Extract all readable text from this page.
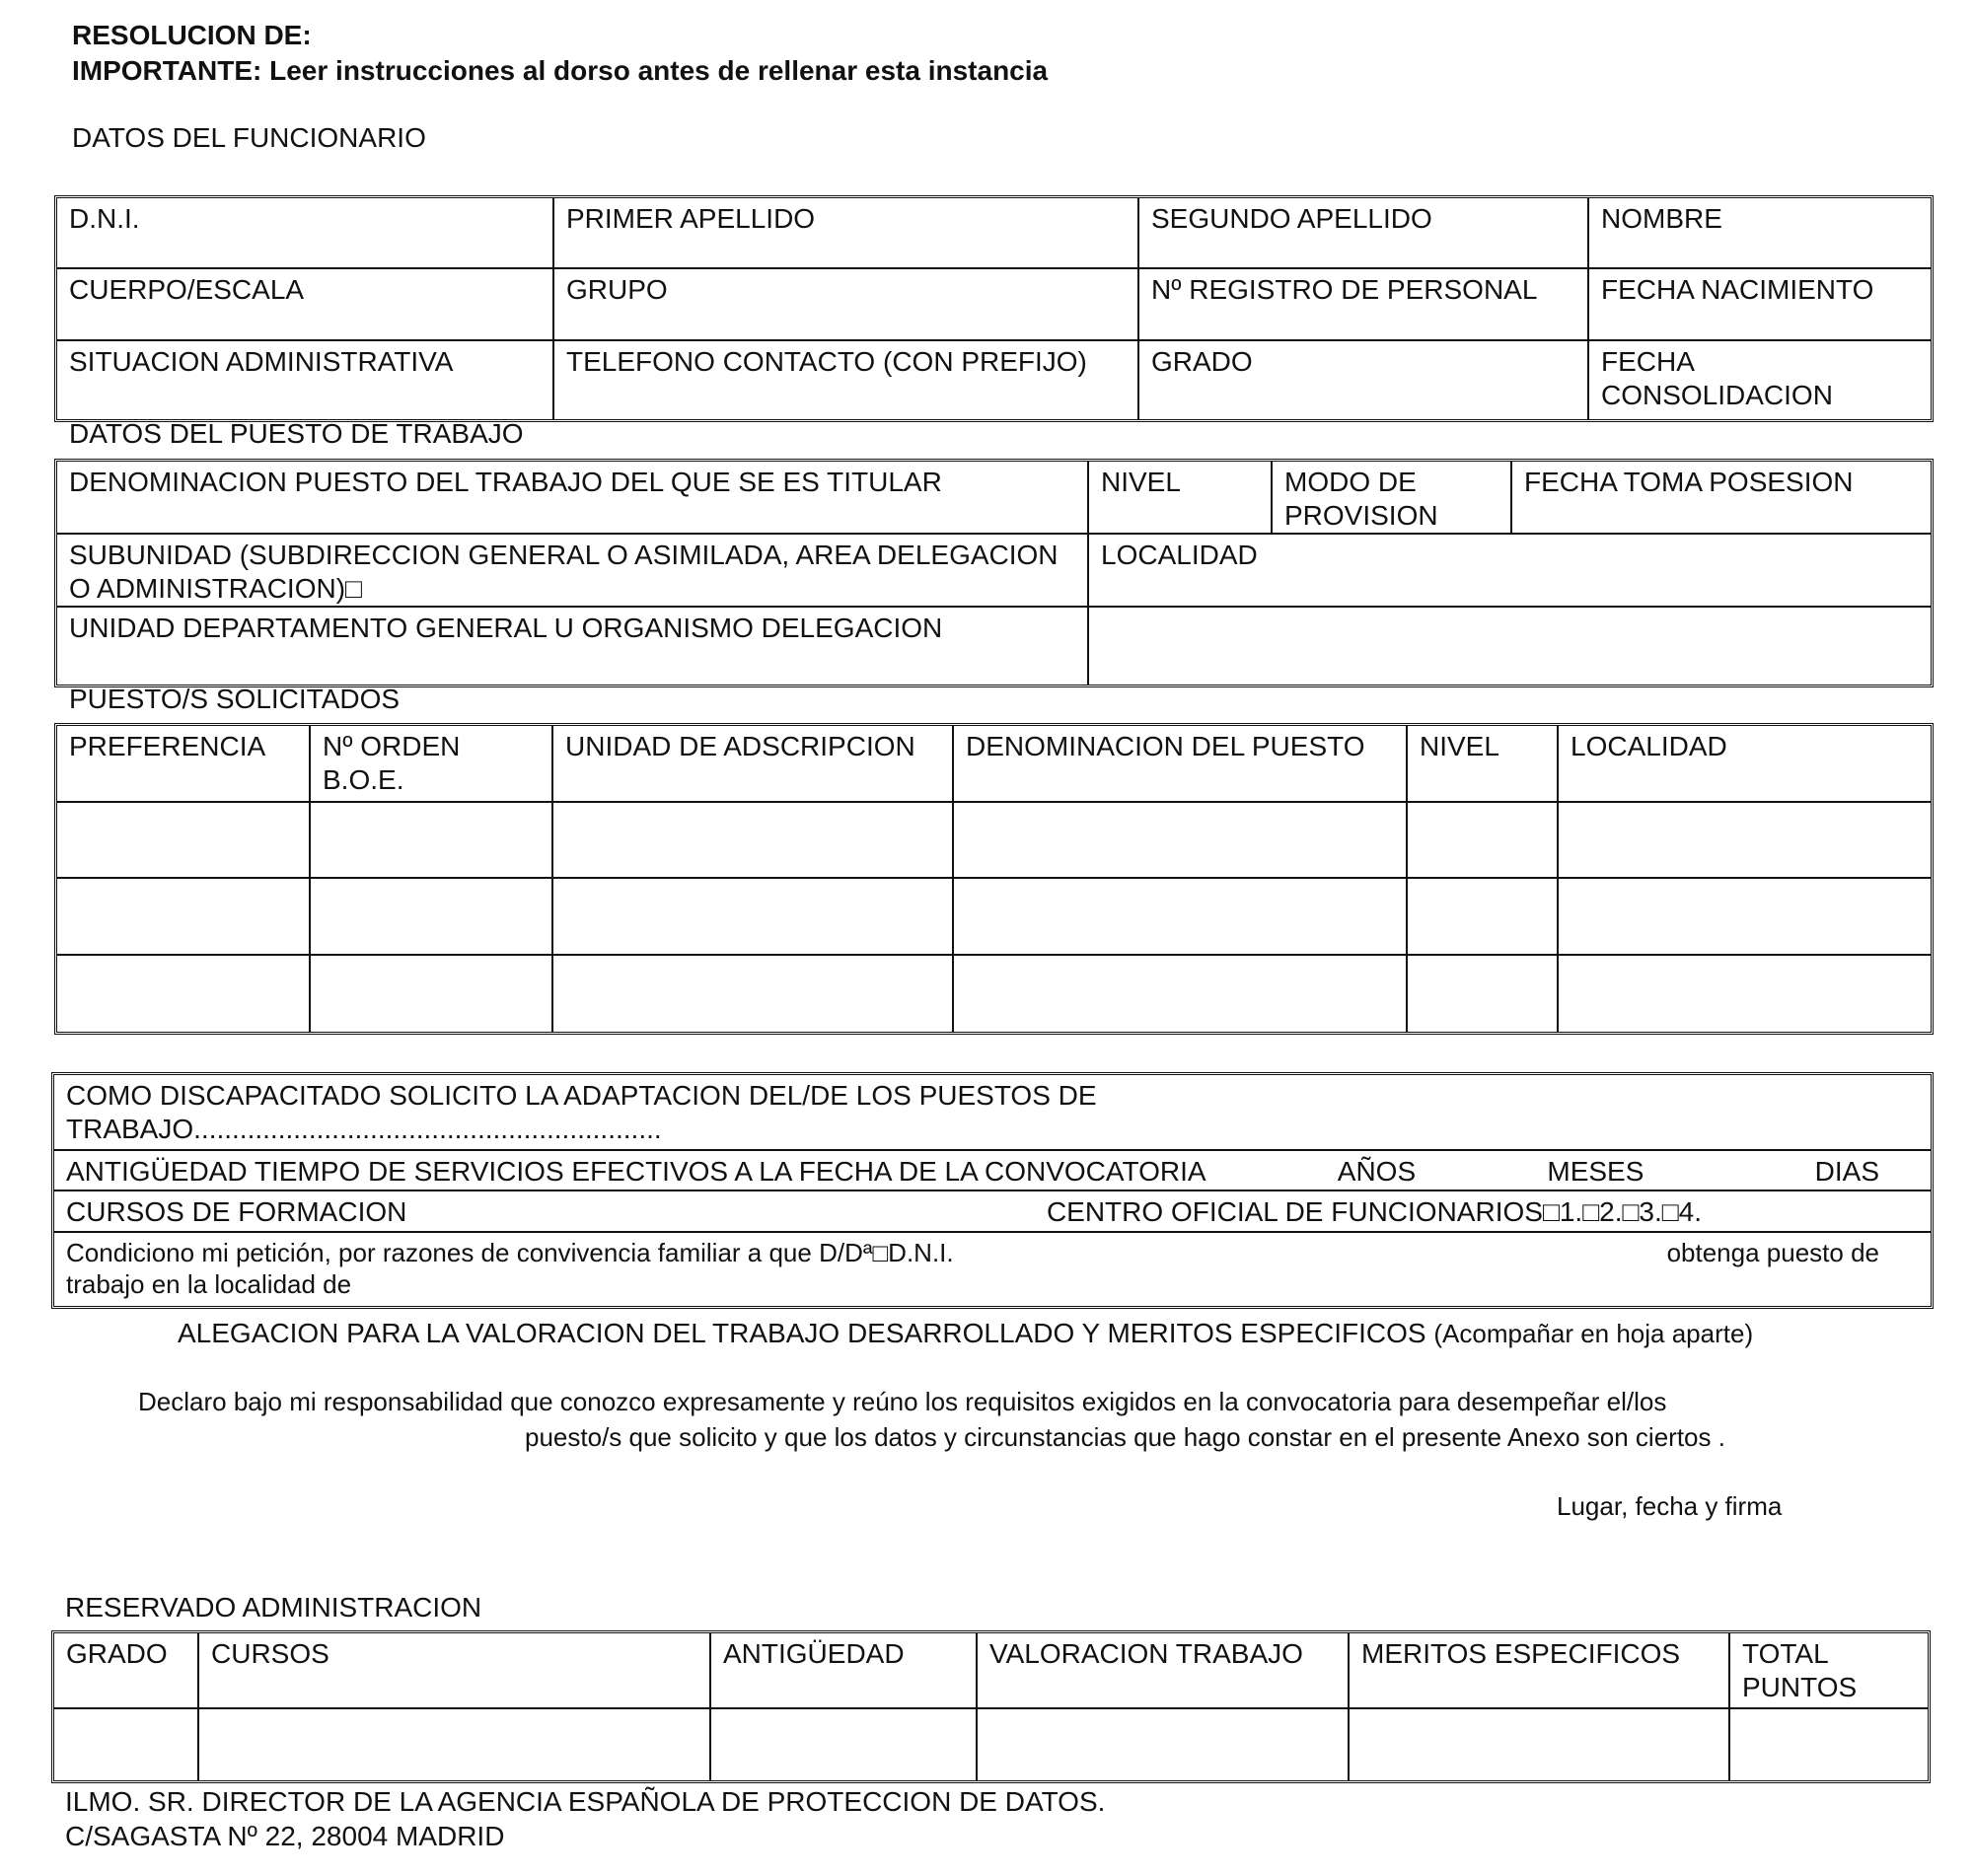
RESOLUCION DE:
IMPORTANTE: Leer instrucciones al dorso antes de rellenar esta instancia
DATOS DEL FUNCIONARIO
D.N.I.	PRIMER APELLIDO	SEGUNDO APELLIDO	NOMBRE
CUERPO/ESCALA	GRUPO	Nº REGISTRO DE PERSONAL	FECHA NACIMIENTO
SITUACION ADMINISTRATIVA	TELEFONO CONTACTO (CON PREFIJO)	GRADO	FECHA CONSOLIDACION
DATOS DEL PUESTO DE TRABAJO
DENOMINACION PUESTO DEL TRABAJO DEL QUE SE ES TITULAR	NIVEL	MODO DE PROVISION	FECHA TOMA POSESION
SUBUNIDAD (SUBDIRECCION GENERAL O ASIMILADA, AREA DELEGACION O ADMINISTRACION)□	LOCALIDAD		
UNIDAD DEPARTAMENTO GENERAL U ORGANISMO DELEGACION			
PUESTO/S SOLICITADOS
PREFERENCIA	Nº ORDEN B.O.E.	UNIDAD DE ADSCRIPCION	DENOMINACION DEL PUESTO	NIVEL	LOCALIDAD

COMO DISCAPACITADO SOLICITO LA ADAPTACION DEL/DE LOS PUESTOS DE TRABAJO.............................................................

ANTIGÜEDAD TIEMPO DE SERVICIOS EFECTIVOS A LA FECHA DE LA CONVOCATORIA	AÑOS	MESES	DIAS

CURSOS DE FORMACION	CENTRO OFICIAL DE FUNCIONARIOS□1.□2.□3.□4.

Condiciono mi petición, por razones de convivencia familiar a que D/Dª□D.N.I.	obtenga puesto de
trabajo en la localidad de
ALEGACION PARA LA VALORACION DEL TRABAJO DESARROLLADO Y MERITOS ESPECIFICOS (Acompañar en hoja aparte)
Declaro bajo mi responsabilidad que conozco expresamente y reúno los requisitos exigidos en la convocatoria para desempeñar el/los
puesto/s que solicito y que los datos y circunstancias que hago constar en el presente Anexo son ciertos .
Lugar, fecha y firma
RESERVADO ADMINISTRACION
GRADO	CURSOS	ANTIGÜEDAD	VALORACION TRABAJO	MERITOS ESPECIFICOS	TOTAL PUNTOS

ILMO. SR. DIRECTOR DE LA AGENCIA ESPAÑOLA DE PROTECCION DE DATOS.
C/SAGASTA Nº 22, 28004 MADRID
